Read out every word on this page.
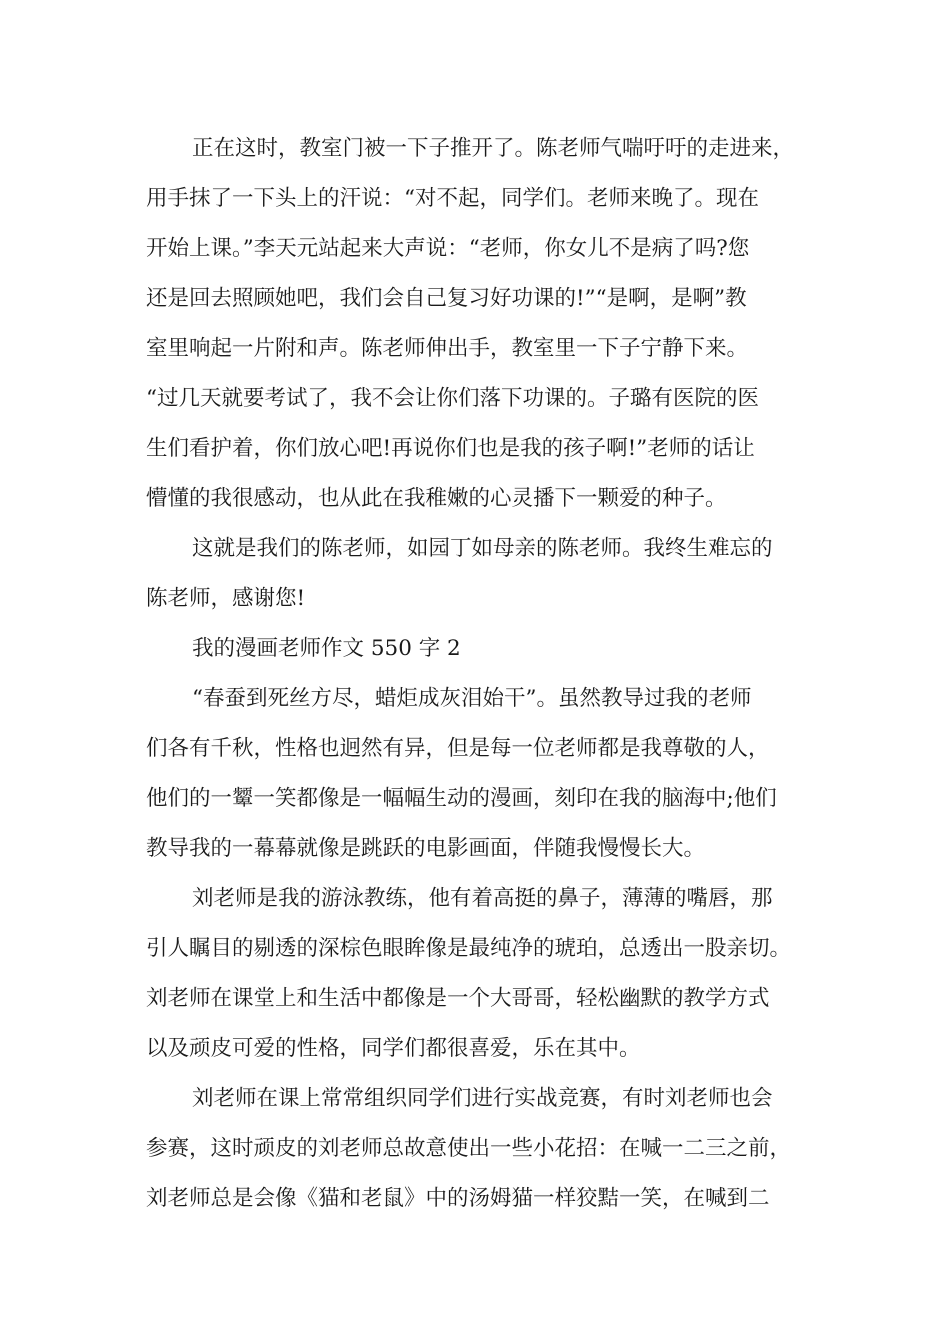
正在这时，教室门被一下子推开了。陈老师气喘吁吁的走进来，
用手抹了一下头上的汗说：“对不起，同学们。老师来晚了。现在
开始上课。”李天元站起来大声说：“老师，你女儿不是病了吗?您
还是回去照顾她吧，我们会自己复习好功课的!”“是啊，是啊”教
室里响起一片附和声。陈老师伸出手，教室里一下子宁静下来。
“过几天就要考试了，我不会让你们落下功课的。子璐有医院的医
生们看护着，你们放心吧!再说你们也是我的孩子啊!”老师的话让
懵懂的我很感动，也从此在我稚嫩的心灵播下一颗爱的种子。
这就是我们的陈老师，如园丁如母亲的陈老师。我终生难忘的
陈老师，感谢您!
我的漫画老师作文 550 字 2
“春蚕到死丝方尽，蜡炬成灰泪始干”。虽然教导过我的老师
们各有千秋，性格也迥然有异，但是每一位老师都是我尊敬的人，
他们的一颦一笑都像是一幅幅生动的漫画，刻印在我的脑海中;他们
教导我的一幕幕就像是跳跃的电影画面，伴随我慢慢长大。
刘老师是我的游泳教练，他有着高挺的鼻子，薄薄的嘴唇，那
引人瞩目的剔透的深棕色眼眸像是最纯净的琥珀，总透出一股亲切。
刘老师在课堂上和生活中都像是一个大哥哥，轻松幽默的教学方式
以及顽皮可爱的性格，同学们都很喜爱，乐在其中。
刘老师在课上常常组织同学们进行实战竞赛，有时刘老师也会
参赛，这时顽皮的刘老师总故意使出一些小花招：在喊一二三之前，
刘老师总是会像《猫和老鼠》中的汤姆猫一样狡黠一笑，在喊到二
